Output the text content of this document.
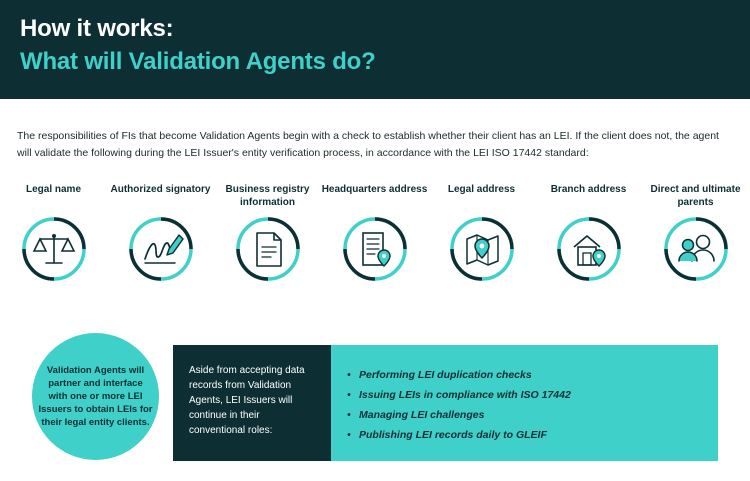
How it works:
What will Validation Agents do?
The responsibilities of FIs that become Validation Agents begin with a check to establish whether their client has an LEI. If the client does not, the agent will validate the following during the LEI Issuer's entity verification process, in accordance with the LEI ISO 17442 standard:
Legal name	Authorized signatory	Business registry information
Headquarters address Legal address	Branch address	Direct and ultimate parents
Validation Agents will partner and interface with one or more LEI Issuers to obtain LEIs for their legal entity clients.
Aside from accepting data records from Validation Agents, LEI Issuers will continue in their conventional roles:
• Performing LEI duplication checks
• Issuing LEIs in compliance with ISO 17442
• Managing LEI challenges
• Publishing LEI records daily to GLEIF
